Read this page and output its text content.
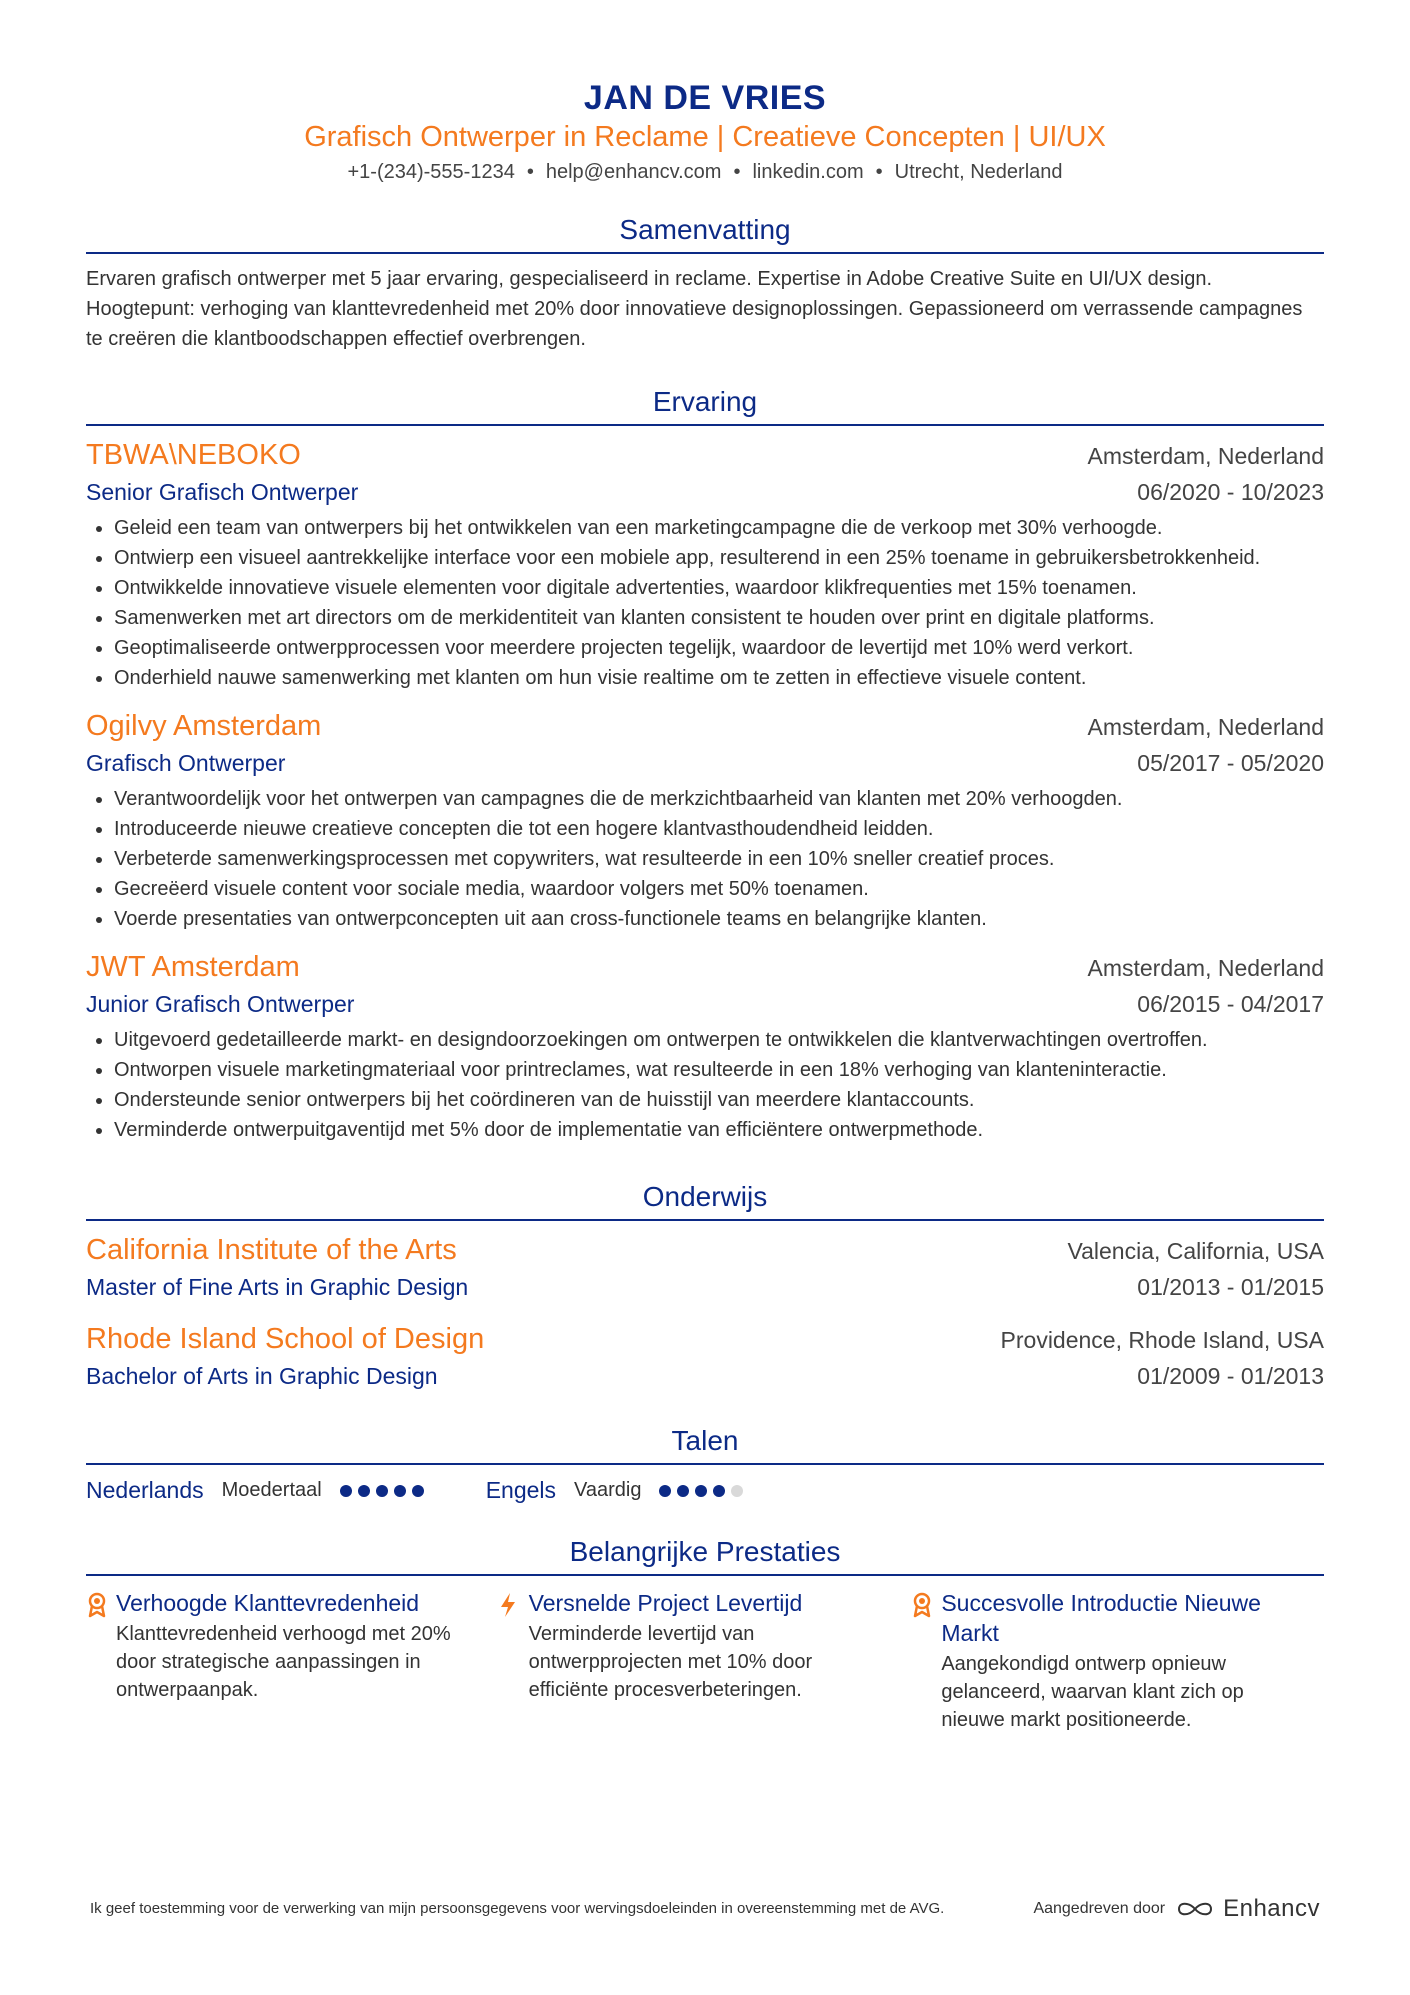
JAN DE VRIES
Grafisch Ontwerper in Reclame | Creatieve Concepten | UI/UX
+1-(234)-555-1234 • help@enhancv.com • linkedin.com • Utrecht, Nederland
Samenvatting
Ervaren grafisch ontwerper met 5 jaar ervaring, gespecialiseerd in reclame. Expertise in Adobe Creative Suite en UI/UX design. Hoogtepunt: verhoging van klanttevredenheid met 20% door innovatieve designoplossingen. Gepassioneerd om verrassende campagnes te creëren die klantboodschappen effectief overbrengen.
Ervaring
TBWA\NEBOKO	Amsterdam, Nederland
Senior Grafisch Ontwerper	06/2020 - 10/2023
• Geleid een team van ontwerpers bij het ontwikkelen van een marketingcampagne die de verkoop met 30% verhoogde.
• Ontwierp een visueel aantrekkelijke interface voor een mobiele app, resulterend in een 25% toename in gebruikersbetrokkenheid.
• Ontwikkelde innovatieve visuele elementen voor digitale advertenties, waardoor klikfrequenties met 15% toenamen.
• Samenwerken met art directors om de merkidentiteit van klanten consistent te houden over print en digitale platforms.
• Geoptimaliseerde ontwerpprocessen voor meerdere projecten tegelijk, waardoor de levertijd met 10% werd verkort.
• Onderhield nauwe samenwerking met klanten om hun visie realtime om te zetten in effectieve visuele content.
Ogilvy Amsterdam	Amsterdam, Nederland
Grafisch Ontwerper	05/2017 - 05/2020
• Verantwoordelijk voor het ontwerpen van campagnes die de merkzichtbaarheid van klanten met 20% verhoogden.
• Introduceerde nieuwe creatieve concepten die tot een hogere klantvasthoudendheid leidden.
• Verbeterde samenwerkingsprocessen met copywriters, wat resulteerde in een 10% sneller creatief proces.
• Gecreëerd visuele content voor sociale media, waardoor volgers met 50% toenamen.
• Voerde presentaties van ontwerpconcepten uit aan cross-functionele teams en belangrijke klanten.
JWT Amsterdam	Amsterdam, Nederland
Junior Grafisch Ontwerper	06/2015 - 04/2017
• Uitgevoerd gedetailleerde markt- en designdoorzoekingen om ontwerpen te ontwikkelen die klantverwachtingen overtroffen.
• Ontworpen visuele marketingmateriaal voor printreclames, wat resulteerde in een 18% verhoging van klanteninteractie.
• Ondersteunde senior ontwerpers bij het coördineren van de huisstijl van meerdere klantaccounts.
• Verminderde ontwerpuitgaventijd met 5% door de implementatie van efficiëntere ontwerpmethode.
Onderwijs
California Institute of the Arts	Valencia, California, USA
Master of Fine Arts in Graphic Design	01/2013 - 01/2015
Rhode Island School of Design	Providence, Rhode Island, USA
Bachelor of Arts in Graphic Design	01/2009 - 01/2013
Talen
Nederlands Moedertaal	Engels Vaardig
Belangrijke Prestaties
Verhoogde Klanttevredenheid
Klanttevredenheid verhoogd met 20% door strategische aanpassingen in ontwerpaanpak.
Versnelde Project Levertijd
Verminderde levertijd van ontwerpprojecten met 10% door efficiënte procesverbeteringen.
Succesvolle Introductie Nieuwe Markt
Aangekondigd ontwerp opnieuw gelanceerd, waarvan klant zich op nieuwe markt positioneerde.
Ik geef toestemming voor de verwerking van mijn persoonsgegevens voor wervingsdoeleinden in overeenstemming met de AVG.	Aangedreven door Enhancv
